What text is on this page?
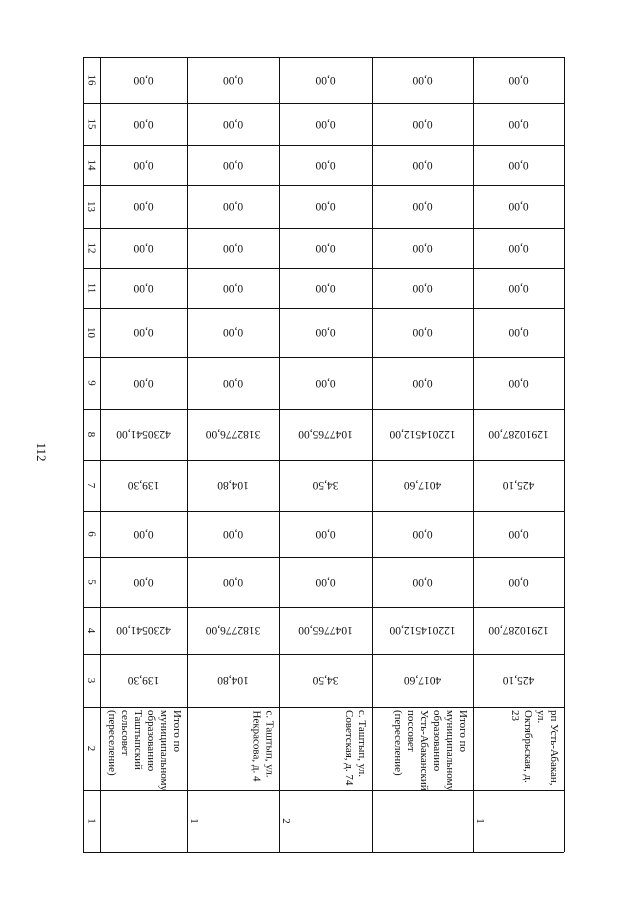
112
16
15
14
13
12
11
10
9
8
7
6
5
4
3
2
1
0,00
0,00
0,00
0,00
0,00
0,00
0,00
0,00
4230541,00
139,30
0,00
0,00
4230541,00
139,30
Итого по муниципальному образованию Таштыпский сельсовет (переселение)
0,00
0,00
0,00
0,00
0,00
0,00
0,00
0,00
3182776,00
104,80
0,00
0,00
3182776,00
104,80
с. Таштып, ул. Некрасова, д. 4
1
0,00
0,00
0,00
0,00
0,00
0,00
0,00
0,00
1047765,00
34,50
0,00
0,00
1047765,00
34,50
с. Таштып, ул. Советская, д. 74
2
0,00
0,00
0,00
0,00
0,00
0,00
0,00
0,00
122014512,00
4017,60
0,00
0,00
122014512,00
4017,60
Итого по муниципальному образованию Усть-Абаканский поссовет (переселение)
0,00
0,00
0,00
0,00
0,00
0,00
0,00
0,00
12910287,00
425,10
0,00
0,00
12910287,00
425,10
рп Усть-Абакан, ул. Октябрьская, д. 23
1
